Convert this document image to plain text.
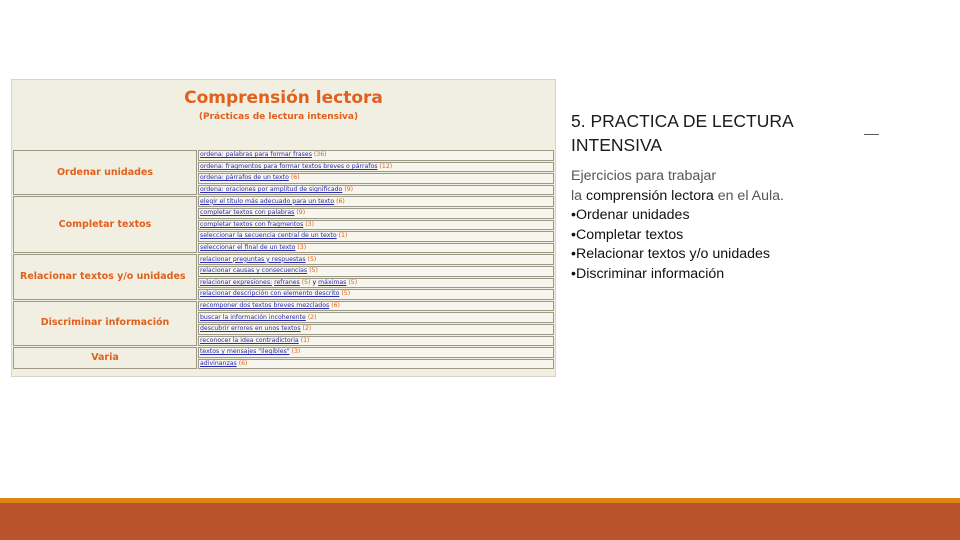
Comprensión lectora
(Prácticas de lectura intensiva)
Ordenar unidades	ordena: palabras para formar frases (36)
	ordena: fragmentos para formar textos breves o párrafos (12)
	ordena: párrafos de un texto (6)
	ordena: oraciones por amplitud de significado (9)
Completar textos	elegir el título más adecuado para un texto (6)
	completar textos con palabras (9)
	completar textos con fragmentos (3)
	seleccionar la secuencia central de un texto (1)
	seleccionar el final de un texto (3)
Relacionar textos y/o unidades	relacionar preguntas y respuestas (5)
	relacionar causas y consecuencias (5)
	relacionar expresiones: refranes (5) y máximas (5)
	relacionar descripción con elemento descrito (5)
Discriminar información	recomponer dos textos breves mezclados (6)
	buscar la información incoherente (2)
	descubrir errores en unos textos (2)
	reconocer la idea contradictoria (1)
Varia	textos y mensajes "ilegibles" (3)
	adivinanzas (6)
5. PRACTICA DE LECTURA
INTENSIVA
Ejercicios para trabajar
la comprensión lectora en el Aula.
•Ordenar unidades
•Completar textos
•Relacionar textos y/o unidades
•Discriminar información
